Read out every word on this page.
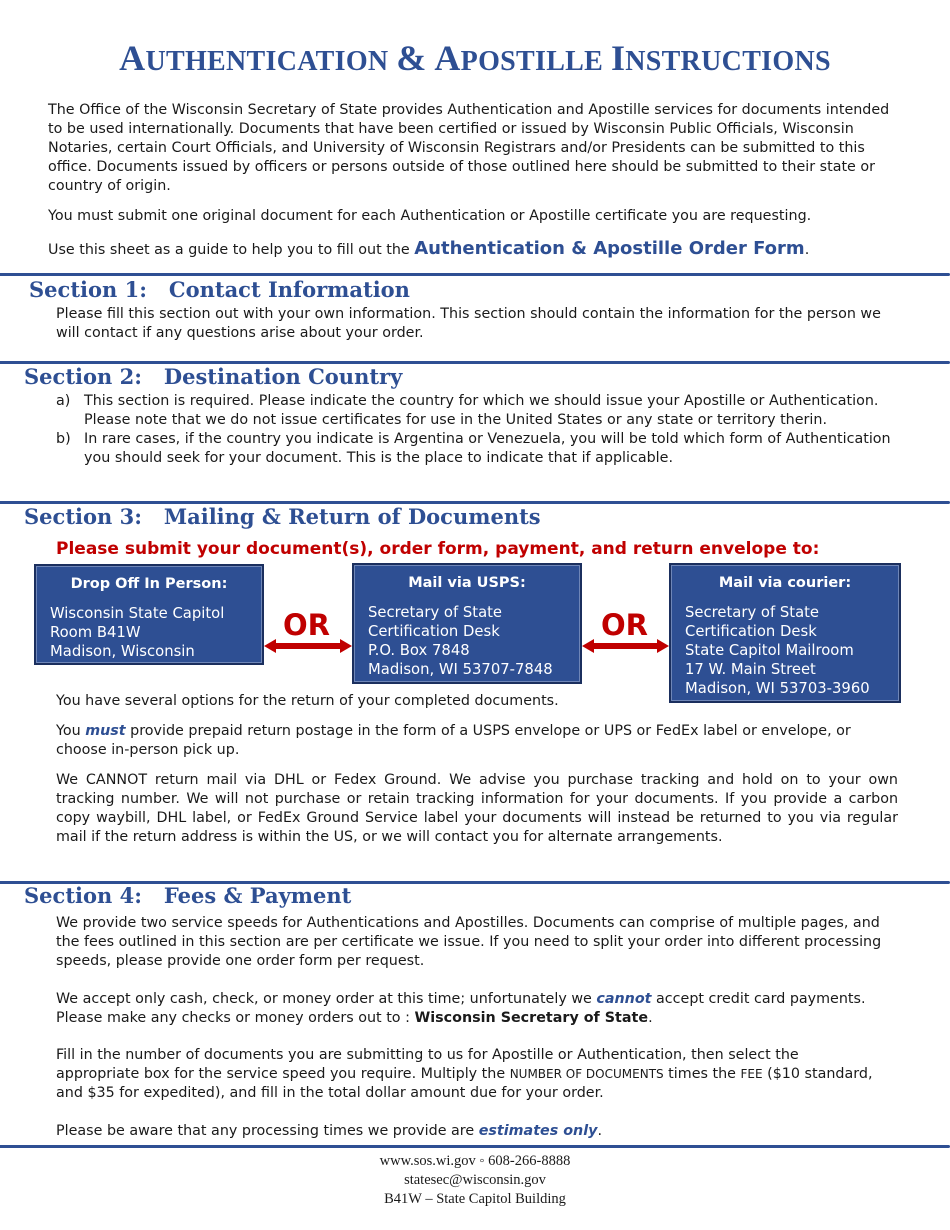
AUTHENTICATION & APOSTILLE INSTRUCTIONS

The Office of the Wisconsin Secretary of State provides Authentication and Apostille services for documents intended to be used internationally. Documents that have been certified or issued by Wisconsin Public Officials, Wisconsin Notaries, certain Court Officials, and University of Wisconsin Registrars and/or Presidents can be submitted to this office. Documents issued by officers or persons outside of those outlined here should be submitted to their state or country of origin.

You must submit one original document for each Authentication or Apostille certificate you are requesting.

Use this sheet as a guide to help you to fill out the Authentication & Apostille Order Form.

Section 1:   Contact Information

Please fill this section out with your own information. This section should contain the information for the person we will contact if any questions arise about your order.

Section 2:   Destination Country
a) This section is required. Please indicate the country for which we should issue your Apostille or Authentication. Please note that we do not issue certificates for use in the United States or any state or territory therin.
b) In rare cases, if the country you indicate is Argentina or Venezuela, you will be told which form of Authentication you should seek for your document. This is the place to indicate that if applicable.
Section 3:   Mailing & Return of Documents
Please submit your document(s), order form, payment, and return envelope to:
Drop Off In Person:
Wisconsin State Capitol
Room B41W
Madison, Wisconsin
Mail via USPS:
Secretary of State
Certification Desk
P.O. Box 7848
Madison, WI 53707-7848
Mail via courier:
Secretary of State
Certification Desk
State Capitol Mailroom
17 W. Main Street
Madison, WI 53703-3960
OR	OR

You have several options for the return of your completed documents.

You must provide prepaid return postage in the form of a USPS envelope or UPS or FedEx label or envelope, or choose in-person pick up.

We CANNOT return mail via DHL or Fedex Ground. We advise you purchase tracking and hold on to your own tracking number. We will not purchase or retain tracking information for your documents. If you provide a carbon copy waybill, DHL label, or FedEx Ground Service label your documents will instead be returned to you via regular mail if the return address is within the US, or we will contact you for alternate arrangements.

Section 4:   Fees & Payment

We provide two service speeds for Authentications and Apostilles. Documents can comprise of multiple pages, and the fees outlined in this section are per certificate we issue. If you need to split your order into different processing speeds, please provide one order form per request.

We accept only cash, check, or money order at this time; unfortunately we cannot accept credit card payments. Please make any checks or money orders out to : Wisconsin Secretary of State.

Fill in the number of documents you are submitting to us for Apostille or Authentication, then select the appropriate box for the service speed you require. Multiply the NUMBER OF DOCUMENTS times the FEE ($10 standard, and $35 for expedited), and fill in the total dollar amount due for your order.

Please be aware that any processing times we provide are estimates only.

www.sos.wi.gov ◦ 608-266-8888
statesec@wisconsin.gov
B41W – State Capitol Building
